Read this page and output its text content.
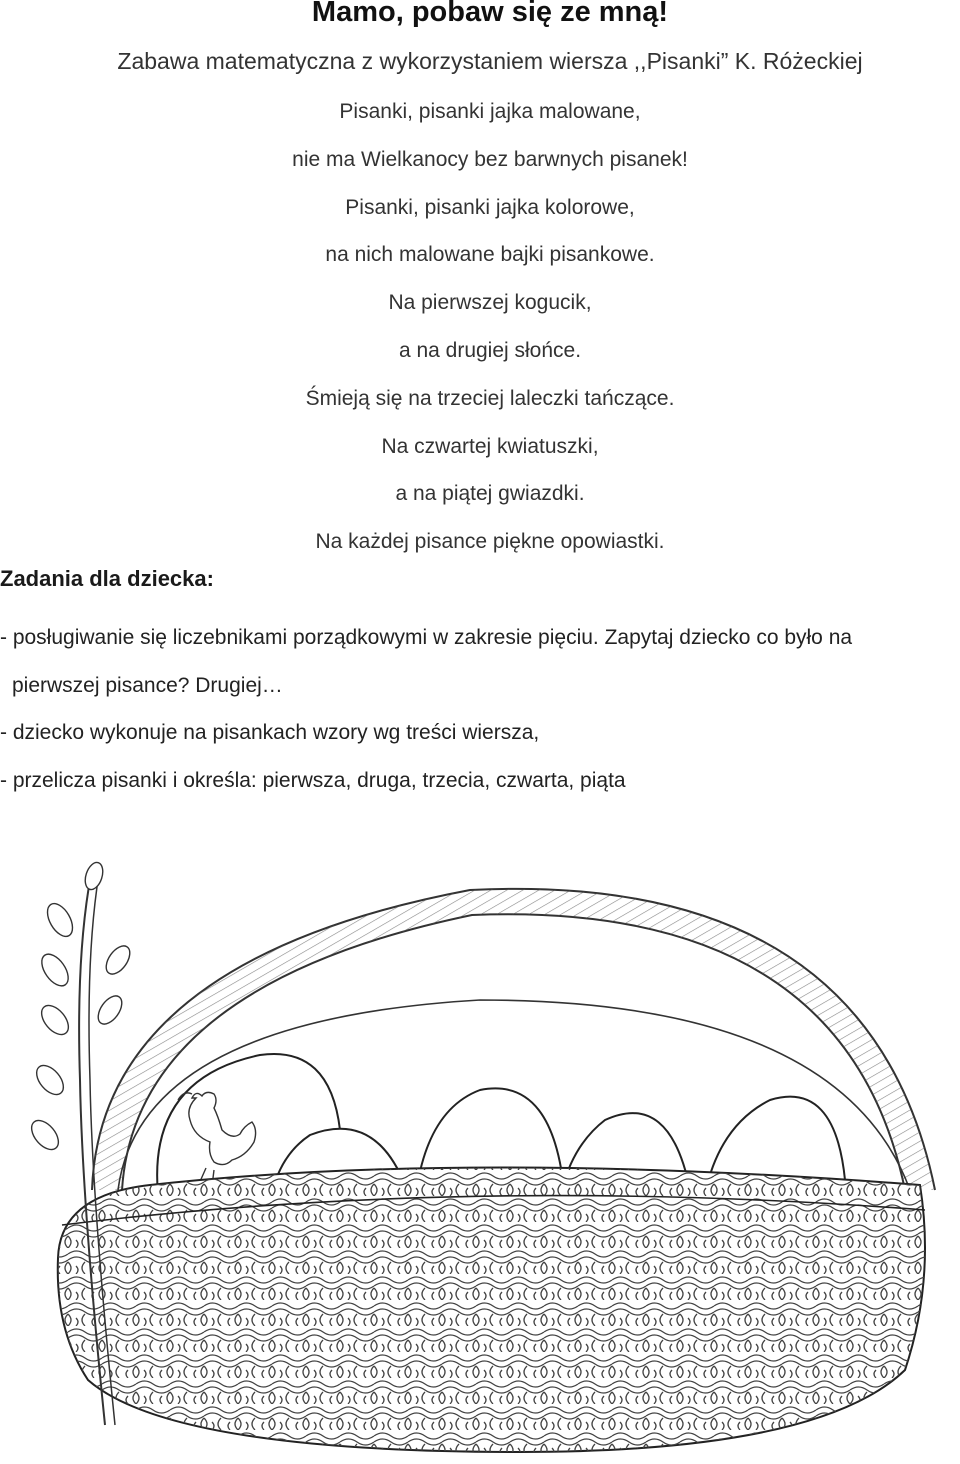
Mamo, pobaw się ze mną!
Zabawa matematyczna z wykorzystaniem wiersza ,,Pisanki” K. Różeckiej
Pisanki, pisanki jajka malowane,
nie ma Wielkanocy bez barwnych pisanek!
Pisanki, pisanki jajka kolorowe,
na nich malowane bajki pisankowe.
Na pierwszej kogucik,
a na drugiej słońce.
Śmieją się na trzeciej laleczki tańczące.
Na czwartej kwiatuszki,
a na piątej gwiazdki.
Na każdej pisance piękne opowiastki.
Zadania dla dziecka:
- posługiwanie się liczebnikami porządkowymi w zakresie pięciu. Zapytaj dziecko co było na
pierwszej pisance? Drugiej…
- dziecko wykonuje na pisankach wzory wg treści wiersza,
- przelicza pisanki i określa: pierwsza, druga, trzecia, czwarta, piąta
